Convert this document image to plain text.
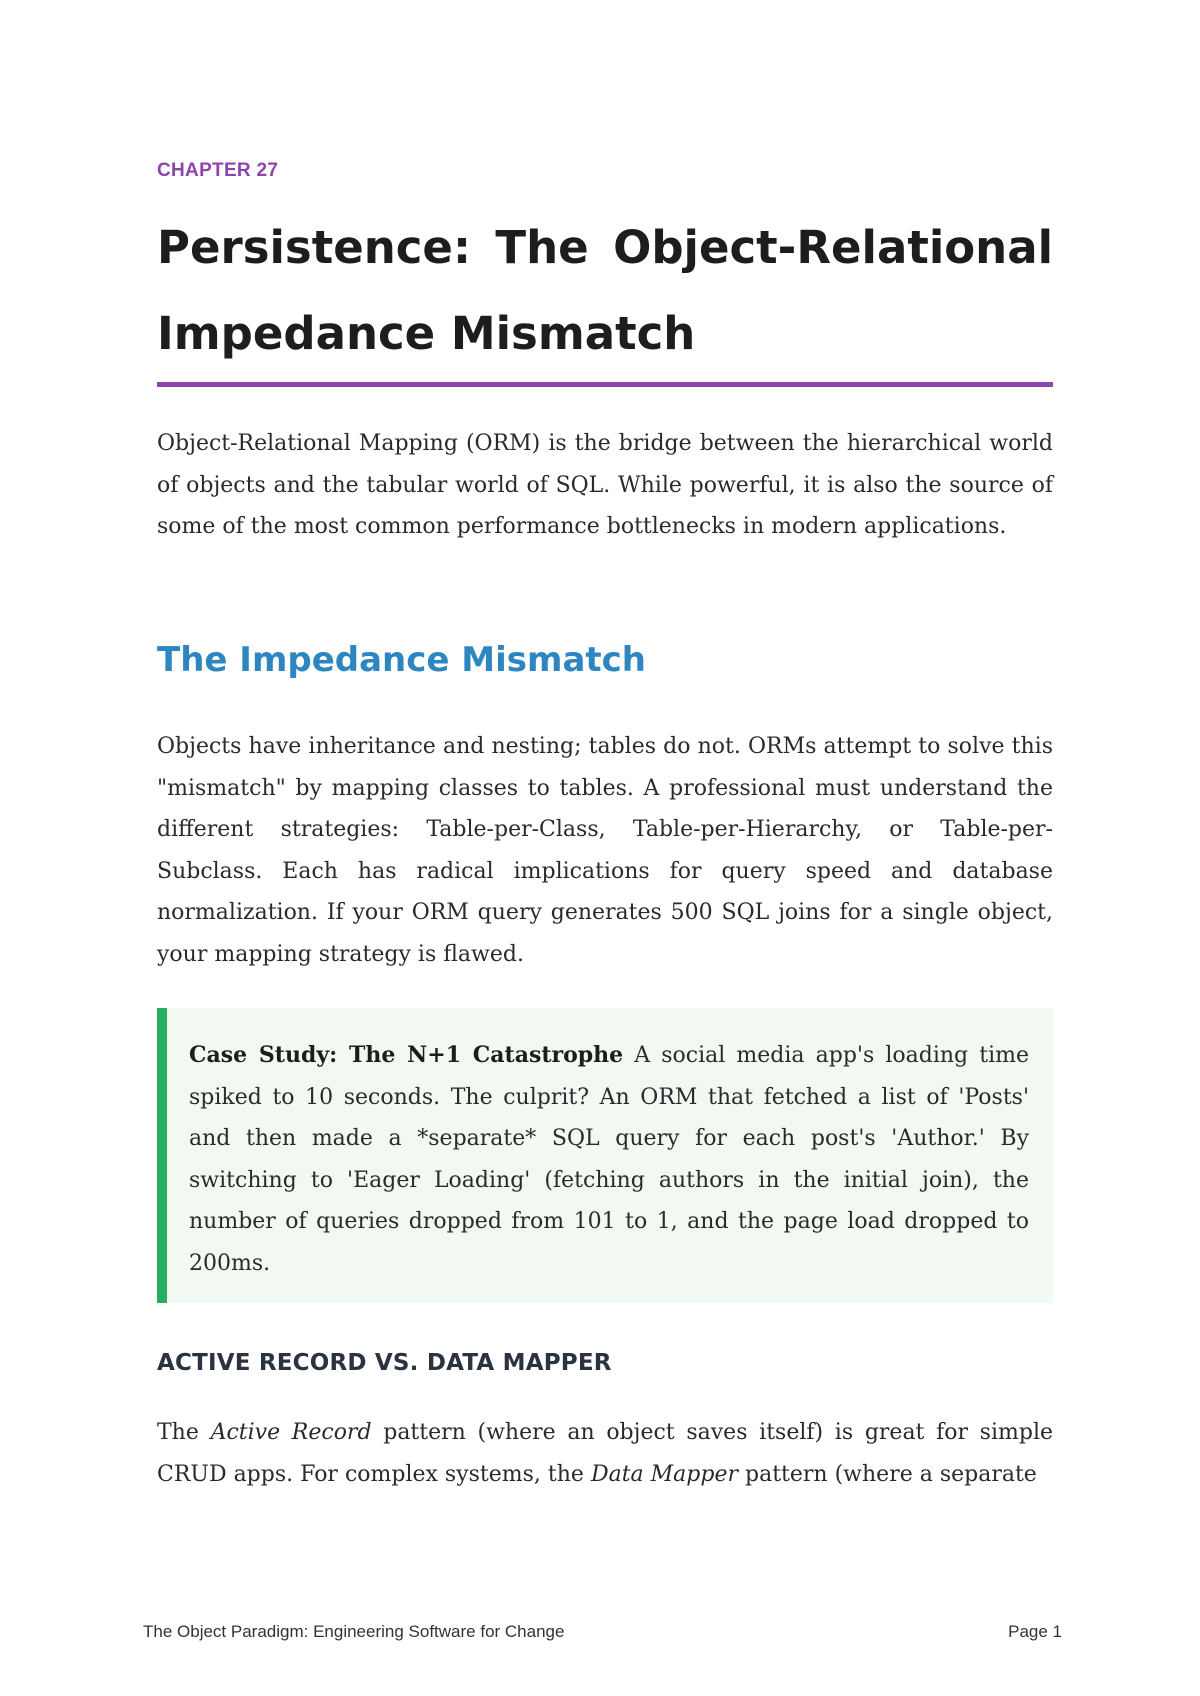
CHAPTER 27
Persistence: The Object-Relational Impedance Mismatch

Object-Relational Mapping (ORM) is the bridge between the hierarchical world of objects and the tabular world of SQL. While powerful, it is also the source of some of the most common performance bottlenecks in modern applications.

The Impedance Mismatch

Objects have inheritance and nesting; tables do not. ORMs attempt to solve this "mismatch" by mapping classes to tables. A professional must understand the different strategies: Table-per-Class, Table-per-Hierarchy, or Table-per-Subclass. Each has radical implications for query speed and database normalization. If your ORM query generates 500 SQL joins for a single object, your mapping strategy is flawed.

Case Study: The N+1 Catastrophe A social media app's loading time spiked to 10 seconds. The culprit? An ORM that fetched a list of 'Posts' and then made a *separate* SQL query for each post's 'Author.' By switching to 'Eager Loading' (fetching authors in the initial join), the number of queries dropped from 101 to 1, and the page load dropped to 200ms.

ACTIVE RECORD VS. DATA MAPPER

The Active Record pattern (where an object saves itself) is great for simple CRUD apps. For complex systems, the Data Mapper pattern (where a separate

The Object Paradigm: Engineering Software for Change	Page 1
